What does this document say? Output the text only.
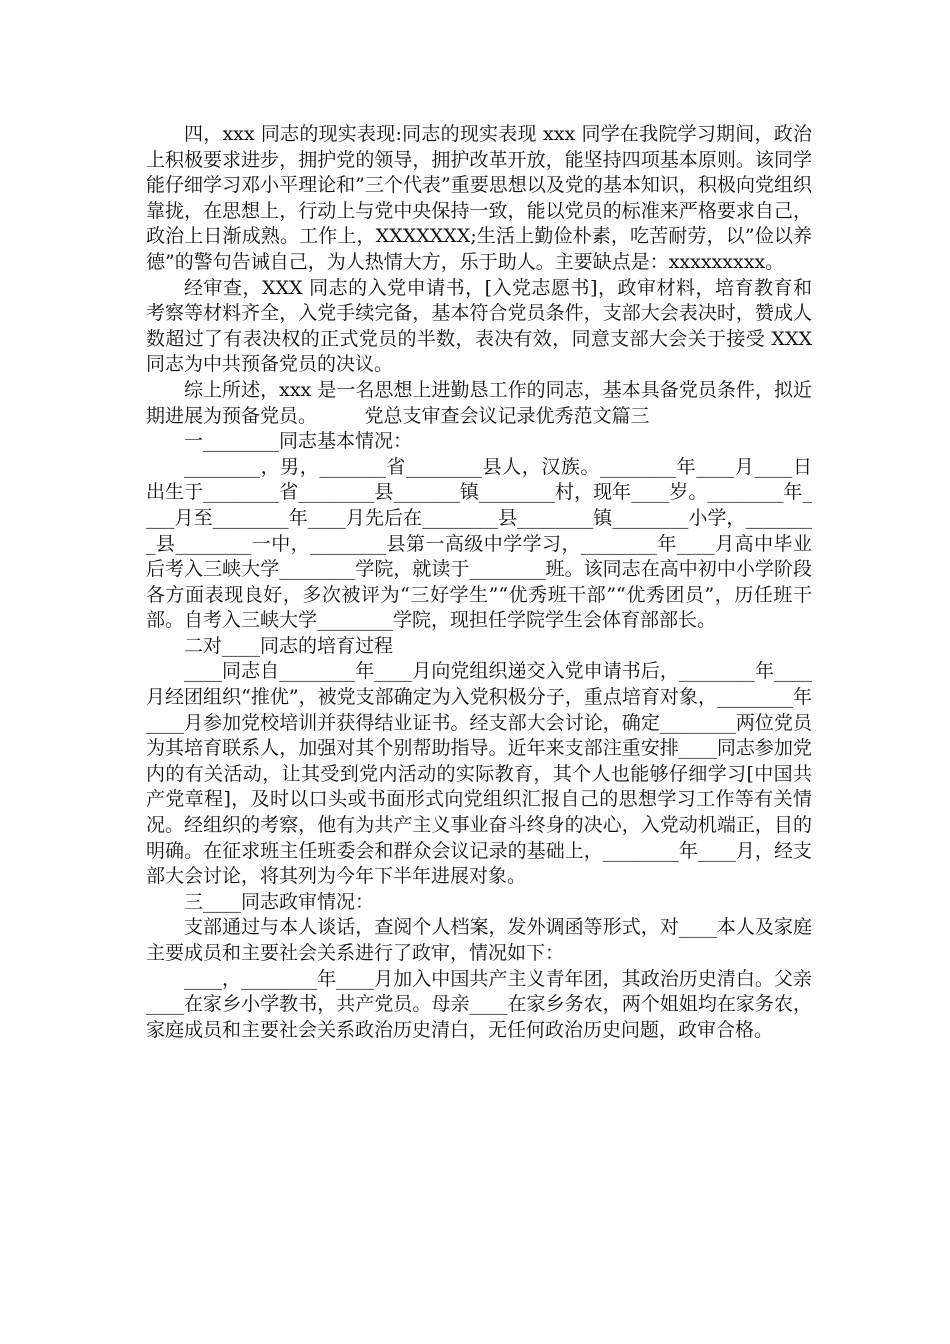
四，xxx 同志的现实表现:同志的现实表现 xxx 同学在我院学习期间，政治上积极要求进步，拥护党的领导，拥护改革开放，能坚持四项基本原则。该同学能仔细学习邓小平理论和”三个代表”重要思想以及党的基本知识，积极向党组织靠拢，在思想上，行动上与党中央保持一致，能以党员的标准来严格要求自己，政治上日渐成熟。工作上，XXXXXXX;生活上勤俭朴素，吃苦耐劳，以”俭以养德”的警句告诫自己，为人热情大方，乐于助人。主要缺点是：xxxxxxxxx。

经审查，XXX 同志的入党申请书，[入党志愿书]，政审材料，培育教育和考察等材料齐全，入党手续完备，基本符合党员条件，支部大会表决时，赞成人数超过了有表决权的正式党员的半数，表决有效，同意支部大会关于接受 XXX 同志为中共预备党员的决议。

综上所述，xxx 是一名思想上进勤恳工作的同志，基本具备党员条件，拟近期进展为预备党员。　　　党总支审查会议记录优秀范文篇三

一________同志基本情况：

________，男，_______省________县人，汉族。________年____月____日出生于________省________县_______镇________村，现年____岁。________年____月至________年____月先后在________县________镇________小学，________县________一中，________县第一高级中学学习，________年____月高中毕业后考入三峡大学________学院，就读于________班。该同志在高中初中小学阶段各方面表现良好，多次被评为“三好学生”“优秀班干部”“优秀团员”，历任班干部。自考入三峡大学________学院，现担任学院学生会体育部部长。

二对____同志的培育过程

____同志自________年____月向党组织递交入党申请书后，________年____月经团组织“推优”，被党支部确定为入党积极分子，重点培育对象，________年____月参加党校培训并获得结业证书。经支部大会讨论，确定________两位党员为其培育联系人，加强对其个别帮助指导。近年来支部注重安排____同志参加党内的有关活动，让其受到党内活动的实际教育，其个人也能够仔细学习[中国共产党章程]，及时以口头或书面形式向党组织汇报自己的思想学习工作等有关情况。经组织的考察，他有为共产主义事业奋斗终身的决心，入党动机端正，目的明确。在征求班主任班委会和群众会议记录的基础上，________年____月，经支部大会讨论，将其列为今年下半年进展对象。

三____同志政审情况：

支部通过与本人谈话，查阅个人档案，发外调函等形式，对____本人及家庭主要成员和主要社会关系进行了政审，情况如下：

____，________年____月加入中国共产主义青年团，其政治历史清白。父亲____在家乡小学教书，共产党员。母亲____在家乡务农，两个姐姐均在家务农，家庭成员和主要社会关系政治历史清白，无任何政治历史问题，政审合格。
